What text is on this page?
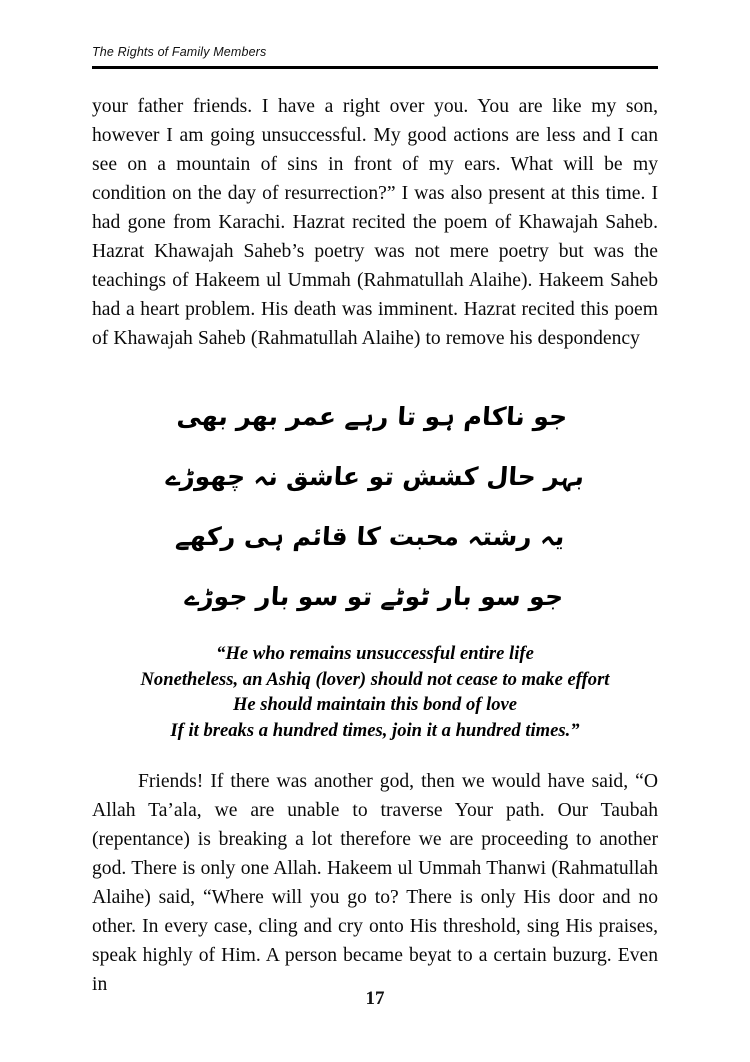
The Rights of Family Members

your father friends. I have a right over you. You are like my son, however I am going unsuccessful. My good actions are less and I can see on a mountain of sins in front of my ears. What will be my condition on the day of resurrection?” I was also present at this time. I had gone from Karachi. Hazrat recited the poem of Khawajah Saheb. Hazrat Khawajah Saheb’s poetry was not mere poetry but was the teachings of Hakeem ul Ummah (Rahmatullah Alaihe). Hakeem Saheb had a heart problem. His death was imminent. Hazrat recited this poem of Khawajah Saheb (Rahmatullah Alaihe) to remove his despondency

جو ناکام ہو تا رہے عمر بھر بھی
بہر حال کشش تو عاشق نہ چھوڑے
یہ رشتہ محبت کا قائم ہی رکھے
جو سو بار ٹوٹے تو سو بار جوڑے
“He who remains unsuccessful entire life
Nonetheless, an Ashiq (lover) should not cease to make effort
He should maintain this bond of love
If it breaks a hundred times, join it a hundred times.”

Friends! If there was another god, then we would have said, “O Allah Ta’ala, we are unable to traverse Your path. Our Taubah (repentance) is breaking a lot therefore we are proceeding to another god. There is only one Allah. Hakeem ul Ummah Thanwi (Rahmatullah Alaihe) said, “Where will you go to? There is only His door and no other. In every case, cling and cry onto His threshold, sing His praises, speak highly of Him. A person became beyat to a certain buzurg. Even in

17
